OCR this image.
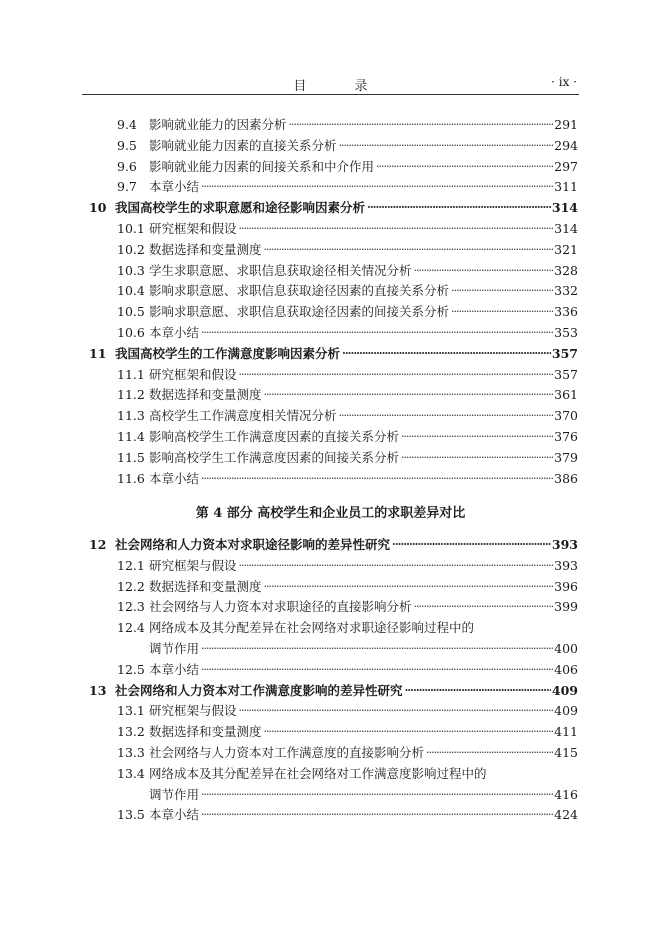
目 录	· ix ·
第 4 部分 高校学生和企业员工的求职差异对比
9.4 影响就业能力的因素分析 ·····	291
9.5 影响就业能力因素的直接关系分析 ·····	294
9.6 影响就业能力因素的间接关系和中介作用 ·····	297
9.7 本章小结 ·····	311
10 我国高校学生的求职意愿和途径影响因素分析 ·····	314
10.1 研究框架和假设 ·····	314
10.2 数据选择和变量测度 ·····	321
10.3 学生求职意愿、求职信息获取途径相关情况分析 ·····	328
10.4 影响求职意愿、求职信息获取途径因素的直接关系分析 ·····	332
10.5 影响求职意愿、求职信息获取途径因素的间接关系分析 ·····	336
10.6 本章小结 ·····	353
11 我国高校学生的工作满意度影响因素分析 ·····	357
11.1 研究框架和假设 ·····	357
11.2 数据选择和变量测度 ·····	361
11.3 高校学生工作满意度相关情况分析 ·····	370
11.4 影响高校学生工作满意度因素的直接关系分析 ·····	376
11.5 影响高校学生工作满意度因素的间接关系分析 ·····	379
11.6 本章小结 ·····	386
12 社会网络和人力资本对求职途径影响的差异性研究 ·····	393
12.1 研究框架与假设 ·····	393
12.2 数据选择和变量测度 ·····	396
12.3 社会网络与人力资本对求职途径的直接影响分析 ·····	399
12.4 网络成本及其分配差异在社会网络对求职途径影响过程中的
调节作用 ·····	400
12.5 本章小结 ·····	406
13 社会网络和人力资本对工作满意度影响的差异性研究 ·····	409
13.1 研究框架与假设 ·····	409
13.2 数据选择和变量测度 ·····	411
13.3 社会网络与人力资本对工作满意度的直接影响分析 ·····	415
13.4 网络成本及其分配差异在社会网络对工作满意度影响过程中的
调节作用 ·····	416
13.5 本章小结 ·····	424
